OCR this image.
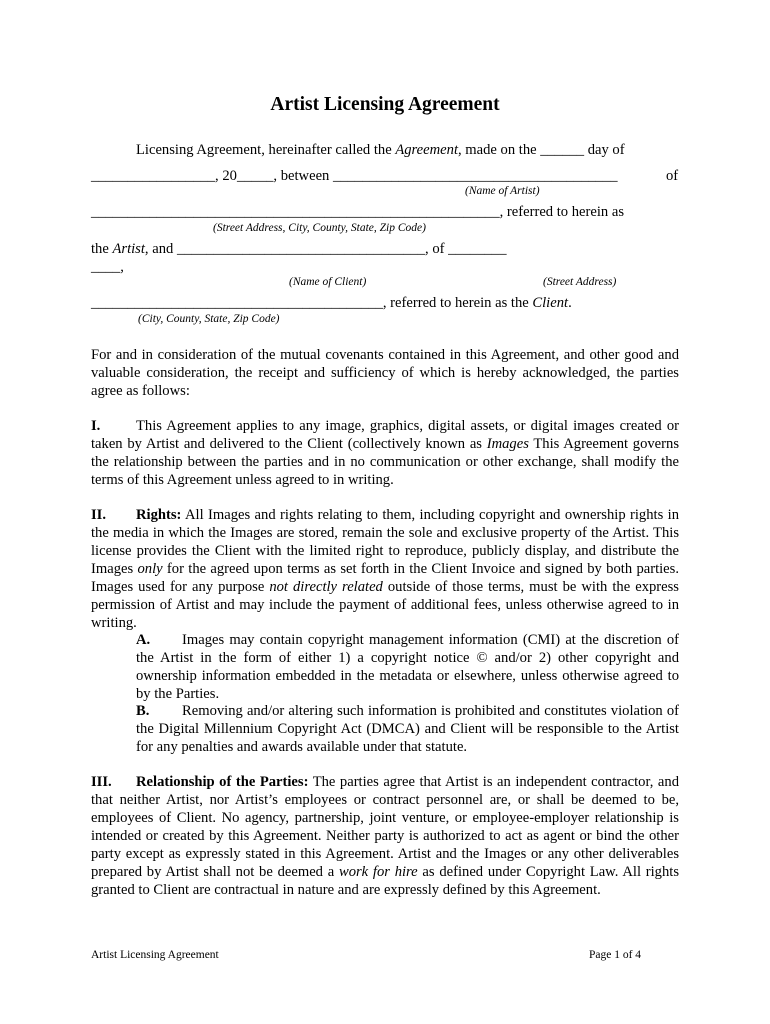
Artist Licensing Agreement
Licensing Agreement, hereinafter called the Agreement, made on the ______ day of
_________________, 20_____, between _______________________________________	of
(Name of Artist)
________________________________________________________, referred to herein as
(Street Address, City, County, State, Zip Code)
the Artist, and __________________________________, of ________
____,
(Name of Client)	(Street Address)
________________________________________, referred to herein as the Client.
(City, County, State, Zip Code)
For and in consideration of the mutual covenants contained in this Agreement, and other good and valuable consideration, the receipt and sufficiency of which is hereby acknowledged, the parties agree as follows:
I. This Agreement applies to any image, graphics, digital assets, or digital images created or taken by Artist and delivered to the Client (collectively known as Images This Agreement governs the relationship between the parties and in no communication or other exchange, shall modify the terms of this Agreement unless agreed to in writing.
II. Rights: All Images and rights relating to them, including copyright and ownership rights in the media in which the Images are stored, remain the sole and exclusive property of the Artist. This license provides the Client with the limited right to reproduce, publicly display, and distribute the Images only for the agreed upon terms as set forth in the Client Invoice and signed by both parties. Images used for any purpose not directly related outside of those terms, must be with the express permission of Artist and may include the payment of additional fees, unless otherwise agreed to in writing.
A. Images may contain copyright management information (CMI) at the discretion of the Artist in the form of either 1) a copyright notice © and/or 2) other copyright and ownership information embedded in the metadata or elsewhere, unless otherwise agreed to by the Parties.
B. Removing and/or altering such information is prohibited and constitutes violation of the Digital Millennium Copyright Act (DMCA) and Client will be responsible to the Artist for any penalties and awards available under that statute.
III. Relationship of the Parties: The parties agree that Artist is an independent contractor, and that neither Artist, nor Artist’s employees or contract personnel are, or shall be deemed to be, employees of Client. No agency, partnership, joint venture, or employee-employer relationship is intended or created by this Agreement. Neither party is authorized to act as agent or bind the other party except as expressly stated in this Agreement. Artist and the Images or any other deliverables prepared by Artist shall not be deemed a work for hire as defined under Copyright Law. All rights granted to Client are contractual in nature and are expressly defined by this Agreement.
Artist Licensing Agreement	Page 1 of 4
